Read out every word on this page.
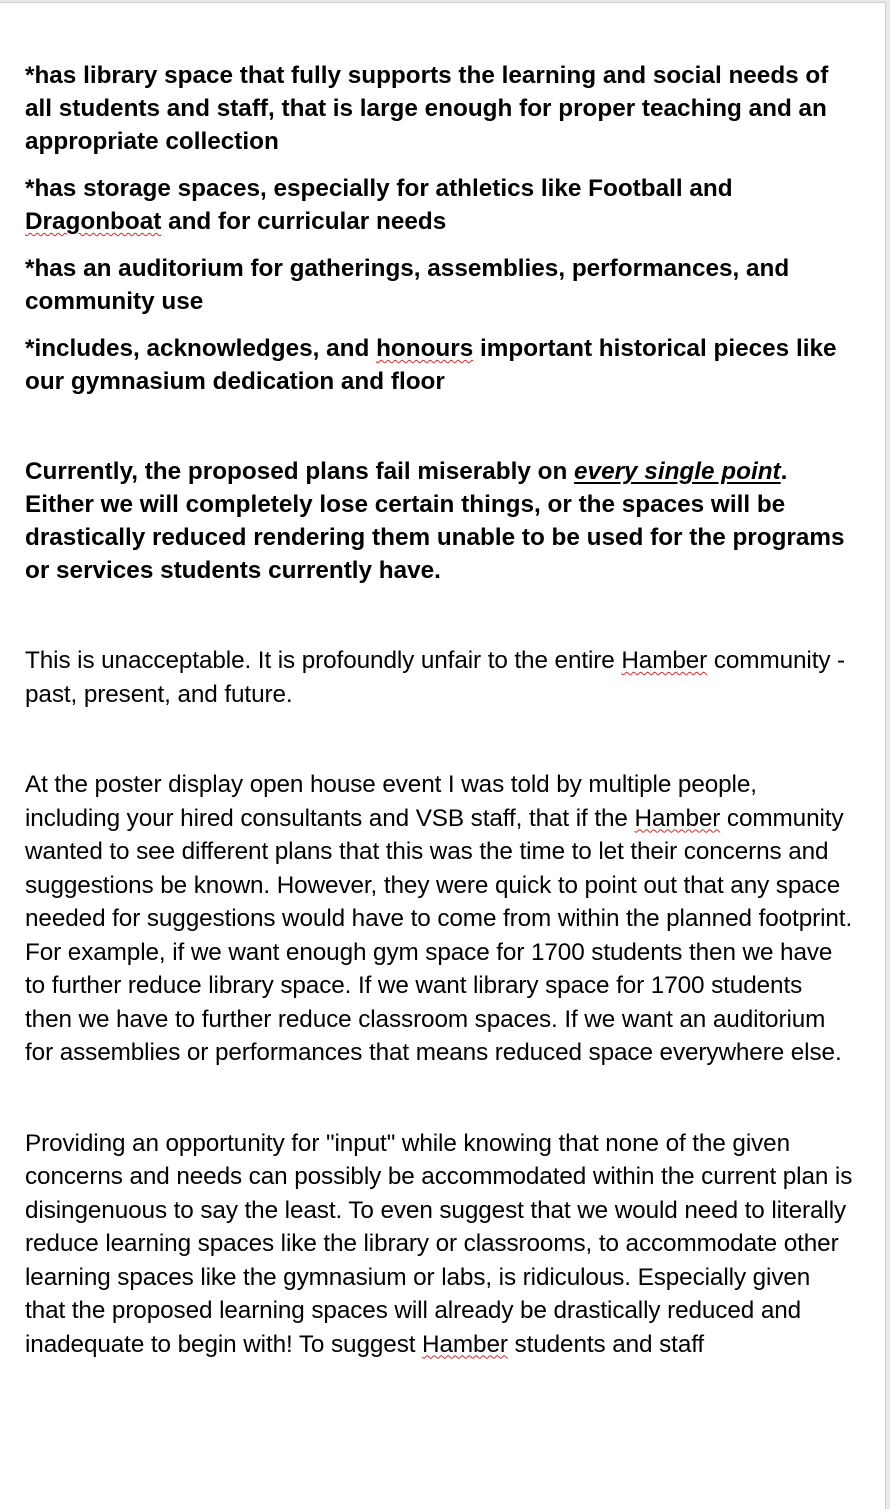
*has library space that fully supports the learning and social needs of all students and staff, that is large enough for proper teaching and an appropriate collection

*has storage spaces, especially for athletics like Football and Dragonboat and for curricular needs

*has an auditorium for gatherings, assemblies, performances, and community use

*includes, acknowledges, and honours important historical pieces like our gymnasium dedication and floor

Currently, the proposed plans fail miserably on every single point. Either we will completely lose certain things, or the spaces will be drastically reduced rendering them unable to be used for the programs or services students currently have.

This is unacceptable. It is profoundly unfair to the entire Hamber community - past, present, and future.

At the poster display open house event I was told by multiple people, including your hired consultants and VSB staff, that if the Hamber community wanted to see different plans that this was the time to let their concerns and suggestions be known. However, they were quick to point out that any space needed for suggestions would have to come from within the planned footprint. For example, if we want enough gym space for 1700 students then we have to further reduce library space. If we want library space for 1700 students then we have to further reduce classroom spaces. If we want an auditorium for assemblies or performances that means reduced space everywhere else.

Providing an opportunity for "input" while knowing that none of the given concerns and needs can possibly be accommodated within the current plan is disingenuous to say the least. To even suggest that we would need to literally reduce learning spaces like the library or classrooms, to accommodate other learning spaces like the gymnasium or labs, is ridiculous. Especially given that the proposed learning spaces will already be drastically reduced and inadequate to begin with! To suggest Hamber students and staff
